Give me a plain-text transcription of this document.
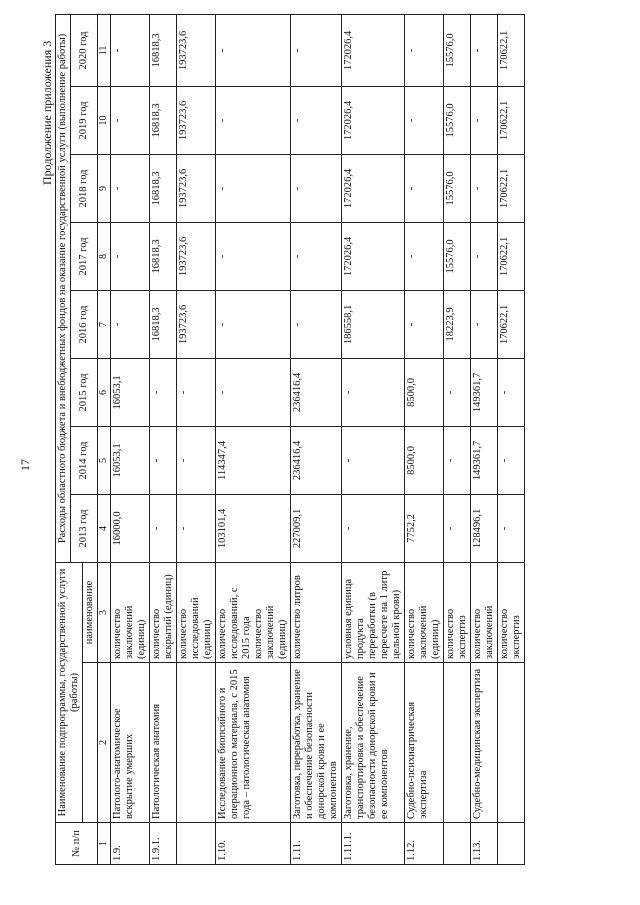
17
Продолжение приложения 3
№ п/п	Наименование подпрограммы, государственной услуги (работы)		Расходы областного бюджета и внебюджетных фондов на оказание государственной услуги (выполнение работы)							
			2013 год	2014 год	2015 год	2016 год	2017 год	2018 год	2019 год	2020 год
		наименование								
1	2	3	4	5	6	7	8	9	10	11
1.9.	Патолого-анатомическое вскрытие умерших	количество заключений (единиц)	16000,0	16053,1	16053,1	-	-	-	-	-
1.9.1.	Патологическая анатомия	количество вскрытий (единиц)	-	-	-	16818,3	16818,3	16818,3	16818,3	16818,3
		количество исследований (единиц)	-	-	-	193723,6	193723,6	193723,6	193723,6	193723,6
1.10.	Исследование биопсийного и операционного материала, с 2015 года – патологическая анатомия	количество исследований, с 2015 года количество заключений (единиц)	103101,4	114347,4	-	-	-	-	-	-
1.11.	Заготовка, переработка, хранение и обеспечение безопасности донорской крови и ее компонентов	количество литров	227009,1	236416,4	236416,4	-	-	-	-	-
1.11.1.	Заготовка, хранение, транспортировка и обеспечение безопасности донорской крови и ее компонентов	условная единица продукта переработки (в пересчете на 1 литр цельной крови)	-	-	-	186558,1	172026,4	172026,4	172026,4	172026,4
1.12.	Судебно-психиатрическая экспертиза	количество заключений (единиц)	7752,2	8500,0	8500,0	-	-	-	-	-
		количество экспертиз	-	-	-	18223,9	15576,0	15576,0	15576,0	15576,0
1.13.	Судебно-медицинская экспертиза	количество заключений	128496,1	149361,7	149361,7	-	-	-	-	-
		количество экспертиз	-	-	-	170622,1	170622,1	170622,1	170622,1	170622,1
